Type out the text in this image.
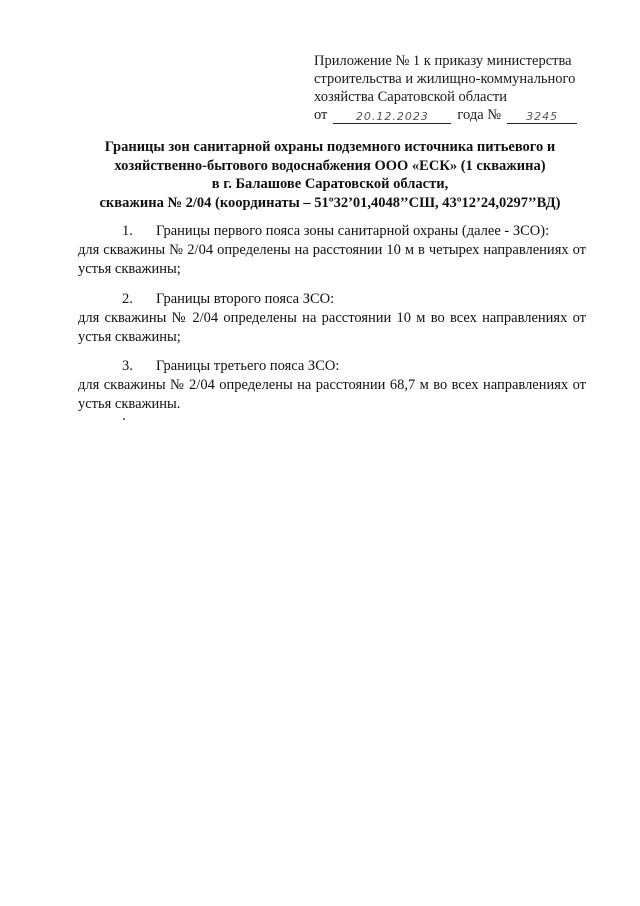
Приложение № 1 к приказу министерства
строительства и жилищно-коммунального
хозяйства Саратовской области
от	20.12.2023	года №	3245
Границы зон санитарной охраны подземного источника питьевого и
хозяйственно-бытового водоснабжения ООО «ЕСК» (1 скважина)
в г. Балашове Саратовской области,
скважина № 2/04 (координаты – 51º32’01,4048’’СШ, 43º12’24,0297’’ВД)
1. Границы первого пояса зоны санитарной охраны (далее - ЗСО):
для скважины № 2/04 определены на расстоянии 10 м в четырех направлениях от устья скважины;
2. Границы второго пояса ЗСО:
для скважины № 2/04 определены на расстоянии 10 м во всех направлениях от устья скважины;
3. Границы третьего пояса ЗСО:
для скважины № 2/04 определены на расстоянии 68,7 м во всех направлениях от устья скважины.
